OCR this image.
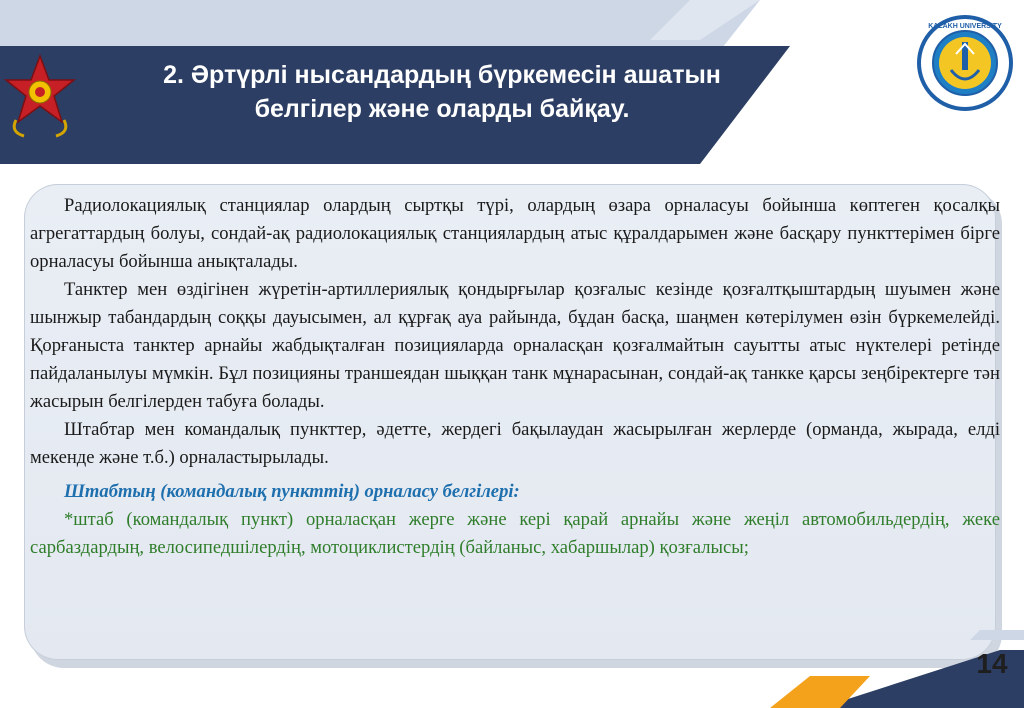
2. Әртүрлі нысандардың бүркемесін ашатын
белгілер және оларды байқау.
KAZAKH UNIVERSITY

Радиолокациялық станциялар олардың сыртқы түрі, олардың өзара орналасуы бойынша көптеген қосалқы агрегаттардың болуы, сондай-ақ радиолокациялық станциялардың атыс құралдарымен және басқару пункттерімен бірге орналасуы бойынша анықталады.

Танктер мен өздігінен жүретін-артиллериялық қондырғылар қозғалыс кезінде қозғалтқыштардың шуымен және шынжыр табандардың соққы дауысымен, ал құрғақ ауа райында, бұдан басқа, шаңмен көтерілумен өзін бүркемелейді. Қорғаныста танктер арнайы жабдықталған позицияларда орналасқан қозғалмайтын сауытты атыс нүктелері ретінде пайдаланылуы мүмкін. Бұл позицияны траншеядан шыққан танк мұнарасынан, сондай-ақ танкке қарсы зеңбіректерге тән жасырын белгілерден табуға болады.

Штабтар мен командалық пункттер, әдетте, жердегі бақылаудан жасырылған жерлерде (орманда, жырада, елді мекенде және т.б.) орналастырылады.

Штабтың (командалық пункттің) орналасу белгілері:

*штаб (командалық пункт) орналасқан жерге және кері қарай арнайы және жеңіл автомобильдердің, жеке сарбаздардың, велосипедшілердің, мотоциклистердің (байланыс, хабаршылар) қозғалысы;

14
